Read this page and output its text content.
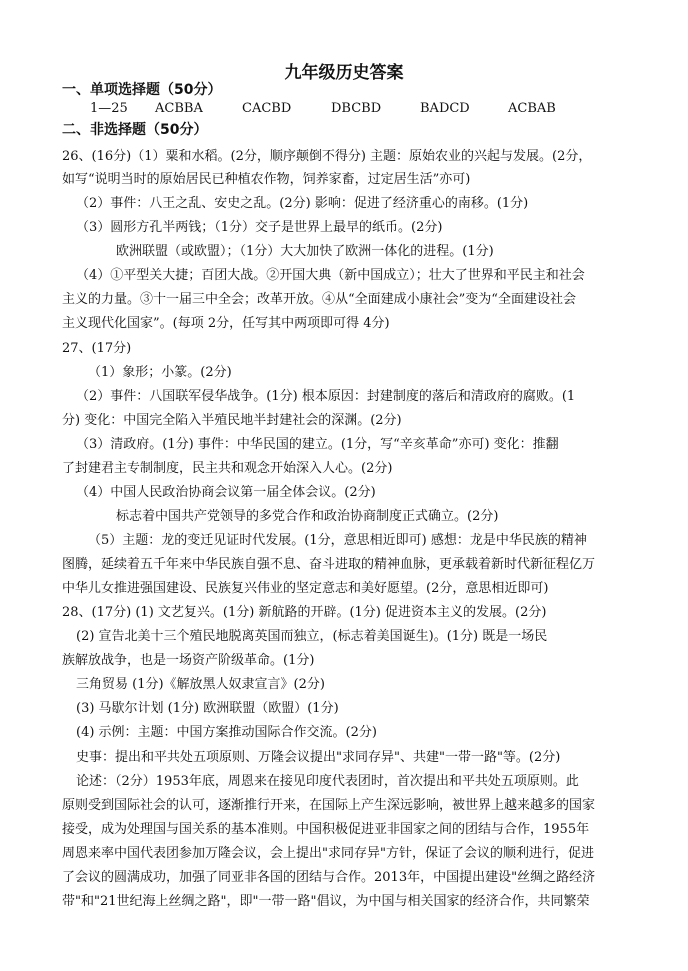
九年级历史答案
一、单项选择题（50分）
1—25 ACBBA	CACBD	DBCBD	BADCD	ACBAB
二、非选择题（50分）
26、(16分)（1）粟和水稻。(2分，顺序颠倒不得分) 主题：原始农业的兴起与发展。(2分，
如写“说明当时的原始居民已种植农作物，饲养家畜，过定居生活”亦可)
（2）事件：八王之乱、安史之乱。(2分) 影响：促进了经济重心的南移。(1分)
（3）圆形方孔半两钱；（1分）交子是世界上最早的纸币。(2分)
欧洲联盟（或欧盟）；（1分）大大加快了欧洲一体化的进程。(1分)
（4）①平型关大捷；百团大战。②开国大典（新中国成立）；壮大了世界和平民主和社会
主义的力量。③十一届三中全会；改革开放。④从“全面建成小康社会”变为“全面建设社会
主义现代化国家”。(每项 2分，任写其中两项即可得 4分)
27、(17分)
（1）象形；小篆。(2分)
（2）事件：八国联军侵华战争。(1分) 根本原因：封建制度的落后和清政府的腐败。(1
分) 变化：中国完全陷入半殖民地半封建社会的深渊。(2分)
（3）清政府。(1分) 事件：中华民国的建立。(1分，写“辛亥革命”亦可) 变化：推翻
了封建君主专制制度，民主共和观念开始深入人心。(2分)
（4）中国人民政治协商会议第一届全体会议。(2分)
标志着中国共产党领导的多党合作和政治协商制度正式确立。(2分)
（5）主题：龙的变迁见证时代发展。(1分，意思相近即可) 感想：龙是中华民族的精神
图腾，延续着五千年来中华民族自强不息、奋斗进取的精神血脉，更承载着新时代新征程亿万
中华儿女推进强国建设、民族复兴伟业的坚定意志和美好愿望。(2分，意思相近即可)
28、(17分) (1) 文艺复兴。(1分) 新航路的开辟。(1分) 促进资本主义的发展。(2分)
(2) 宣告北美十三个殖民地脱离英国而独立，(标志着美国诞生)。(1分) 既是一场民
族解放战争，也是一场资产阶级革命。(1分)
三角贸易 (1分)《解放黑人奴隶宣言》(2分)
(3) 马歇尔计划 (1分) 欧洲联盟（欧盟）(1分)
(4) 示例：主题：中国方案推动国际合作交流。(2分)
史事：提出和平共处五项原则、万隆会议提出"求同存异"、共建"一带一路"等。(2分)
论述：（2分）1953年底，周恩来在接见印度代表团时，首次提出和平共处五项原则。此
原则受到国际社会的认可，逐渐推行开来，在国际上产生深远影响，被世界上越来越多的国家
接受，成为处理国与国关系的基本准则。中国积极促进亚非国家之间的团结与合作，1955年
周恩来率中国代表团参加万隆会议，会上提出"求同存异"方针，保证了会议的顺利进行，促进
了会议的圆满成功，加强了同亚非各国的团结与合作。2013年，中国提出建设"丝绸之路经济
带"和"21世纪海上丝绸之路"，即"一带一路"倡议，为中国与相关国家的经济合作，共同繁荣
